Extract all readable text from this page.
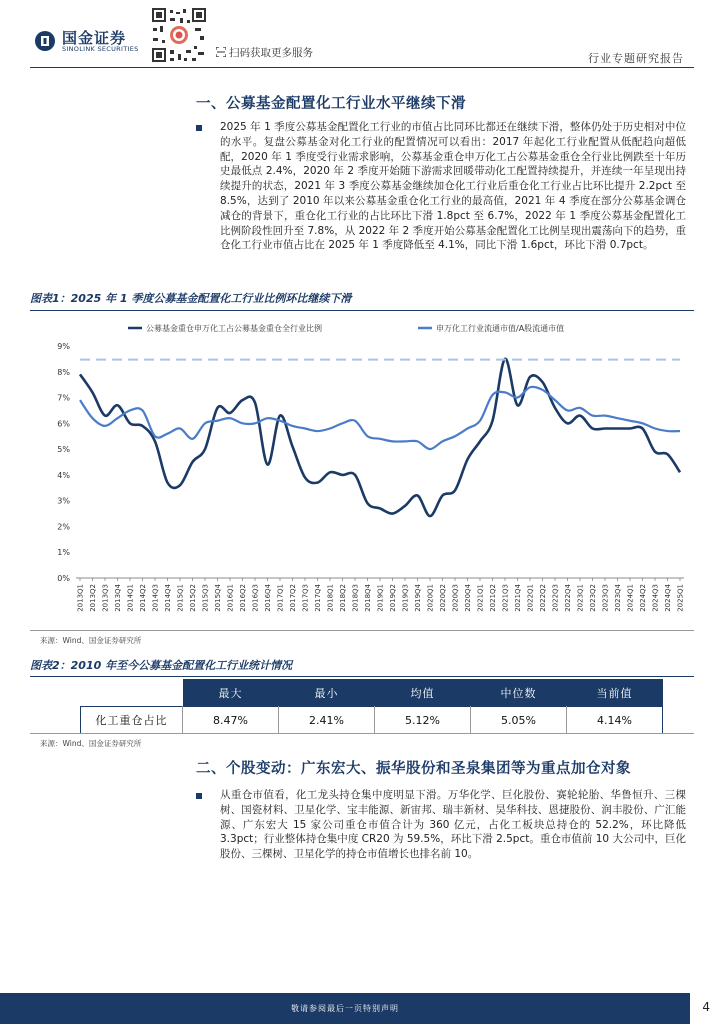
国金证券
SINOLINK SECURITIES	扫码获取更多服务	行业专题研究报告
一、公募基金配置化工行业水平继续下滑
2025 年 1 季度公募基金配置化工行业的市值占比同环比都还在继续下滑，整体仍处于历史相对中位的水平。复盘公募基金对化工行业的配置情况可以看出：2017 年起化工行业配置从低配趋向超低配，2020 年 1 季度受行业需求影响，公募基金重仓申万化工占公募基金重仓全行业比例跌至十年历史最低点 2.4%，2020 年 2 季度开始随下游需求回暖带动化工配置持续提升，并连续一年呈现出持续提升的状态，2021 年 3 季度公募基金继续加仓化工行业后重仓化工行业占比环比提升 2.2pct 至 8.5%，达到了 2010 年以来公募基金重仓化工行业的最高值，2021 年 4 季度在部分公募基金调仓减仓的背景下，重仓化工行业的占比环比下滑 1.8pct 至 6.7%，2022 年 1 季度公募基金配置化工比例阶段性回升至 7.8%，从 2022 年 2 季度开始公募基金配置化工比例呈现出震荡向下的趋势，重仓化工行业市值占比在 2025 年 1 季度降低至 4.1%，同比下滑 1.6pct，环比下滑 0.7pct。
图表1：2025 年 1 季度公募基金配置化工行业比例环比继续下滑
公募基金重仓申万化工占公募基金重仓全行业比例	申万化工行业流通市值/A股流通市值
0%
1%
2%
3%
4%
5%
6%
7%
8%
9%
2013Q1 2013Q2 2013Q3 2013Q4 2014Q1 2014Q2 2014Q3 2014Q4 2015Q1 2015Q2 2015Q3 2015Q4 2016Q1 2016Q2 2016Q3 2016Q4 2017Q1 2017Q2 2017Q3 2017Q4 2018Q1 2018Q2 2018Q3 2018Q4 2019Q1 2019Q2 2019Q3 2019Q4 2020Q1 2020Q2 2020Q3 2020Q4 2021Q1 2021Q2 2021Q3 2021Q4 2022Q1 2022Q2 2022Q3 2022Q4 2023Q1 2023Q2 2023Q3 2023Q4 2024Q1 2024Q2 2024Q3 2024Q4 2025Q1
来源：Wind、国金证券研究所
图表2：2010 年至今公募基金配置化工行业统计情况
	最大	最小	均值	中位数	当前值
化工重仓占比	8.47%	2.41%	5.12%	5.05%	4.14%
来源：Wind、国金证券研究所
二、个股变动：广东宏大、振华股份和圣泉集团等为重点加仓对象
从重仓市值看，化工龙头持仓集中度明显下滑。万华化学、巨化股份、赛轮轮胎、华鲁恒升、三棵树、国瓷材料、卫星化学、宝丰能源、新宙邦、瑞丰新材、昊华科技、恩捷股份、润丰股份、广汇能源、广东宏大 15 家公司重仓市值合计为 360 亿元，占化工板块总持仓的 52.2%，环比降低 3.3pct；行业整体持仓集中度 CR20 为 59.5%，环比下滑 2.5pct。重仓市值前 10 大公司中，巨化股份、三棵树、卫星化学的持仓市值增长也排名前 10。
敬请参阅最后一页特别声明	4
